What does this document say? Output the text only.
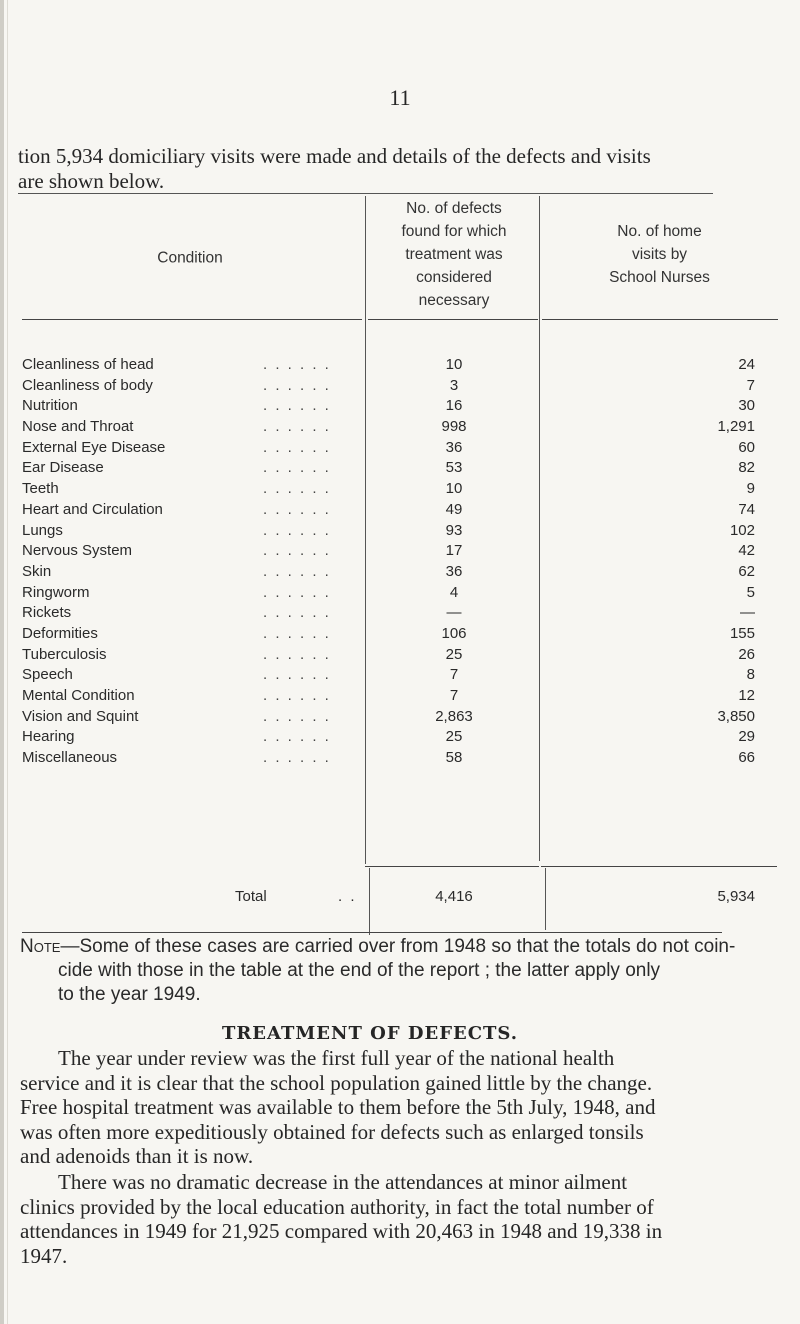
11
tion 5,934 domiciliary visits were made and details of the defects and visits
are shown below.
Condition
No. of defects
found for which
treatment was
considered
necessary
No. of home
visits by
School Nurses
Cleanliness of head	. . . . . .	10	24
Cleanliness of body	. . . . . .	3	7
Nutrition	. . . . . .	16	30
Nose and Throat	. . . . . .	998	1,291
External Eye Disease	. . . . . .	36	60
Ear Disease	. . . . . .	53	82
Teeth	. . . . . .	10	9
Heart and Circulation	. . . . . .	49	74
Lungs	. . . . . .	93	102
Nervous System	. . . . . .	17	42
Skin	. . . . . .	36	62
Ringworm	. . . . . .	4	5
Rickets	. . . . . .	—	—
Deformities	. . . . . .	106	155
Tuberculosis	. . . . . .	25	26
Speech	. . . . . .	7	8
Mental Condition	. . . . . .	7	12
Vision and Squint	. . . . . .	2,863	3,850
Hearing	. . . . . .	25	29
Miscellaneous	. . . . . .	58	66
Total	. .	4,416	5,934
Note—Some of these cases are carried over from 1948 so that the totals do not coin-
cide with those in the table at the end of the report ; the latter apply only
to the year 1949.
TREATMENT OF DEFECTS.
The year under review was the first full year of the national health
service and it is clear that the school population gained little by the change.
Free hospital treatment was available to them before the 5th July, 1948, and
was often more expeditiously obtained for defects such as enlarged tonsils
and adenoids than it is now.
There was no dramatic decrease in the attendances at minor ailment
clinics provided by the local education authority, in fact the total number of
attendances in 1949 for 21,925 compared with 20,463 in 1948 and 19,338 in
1947.
